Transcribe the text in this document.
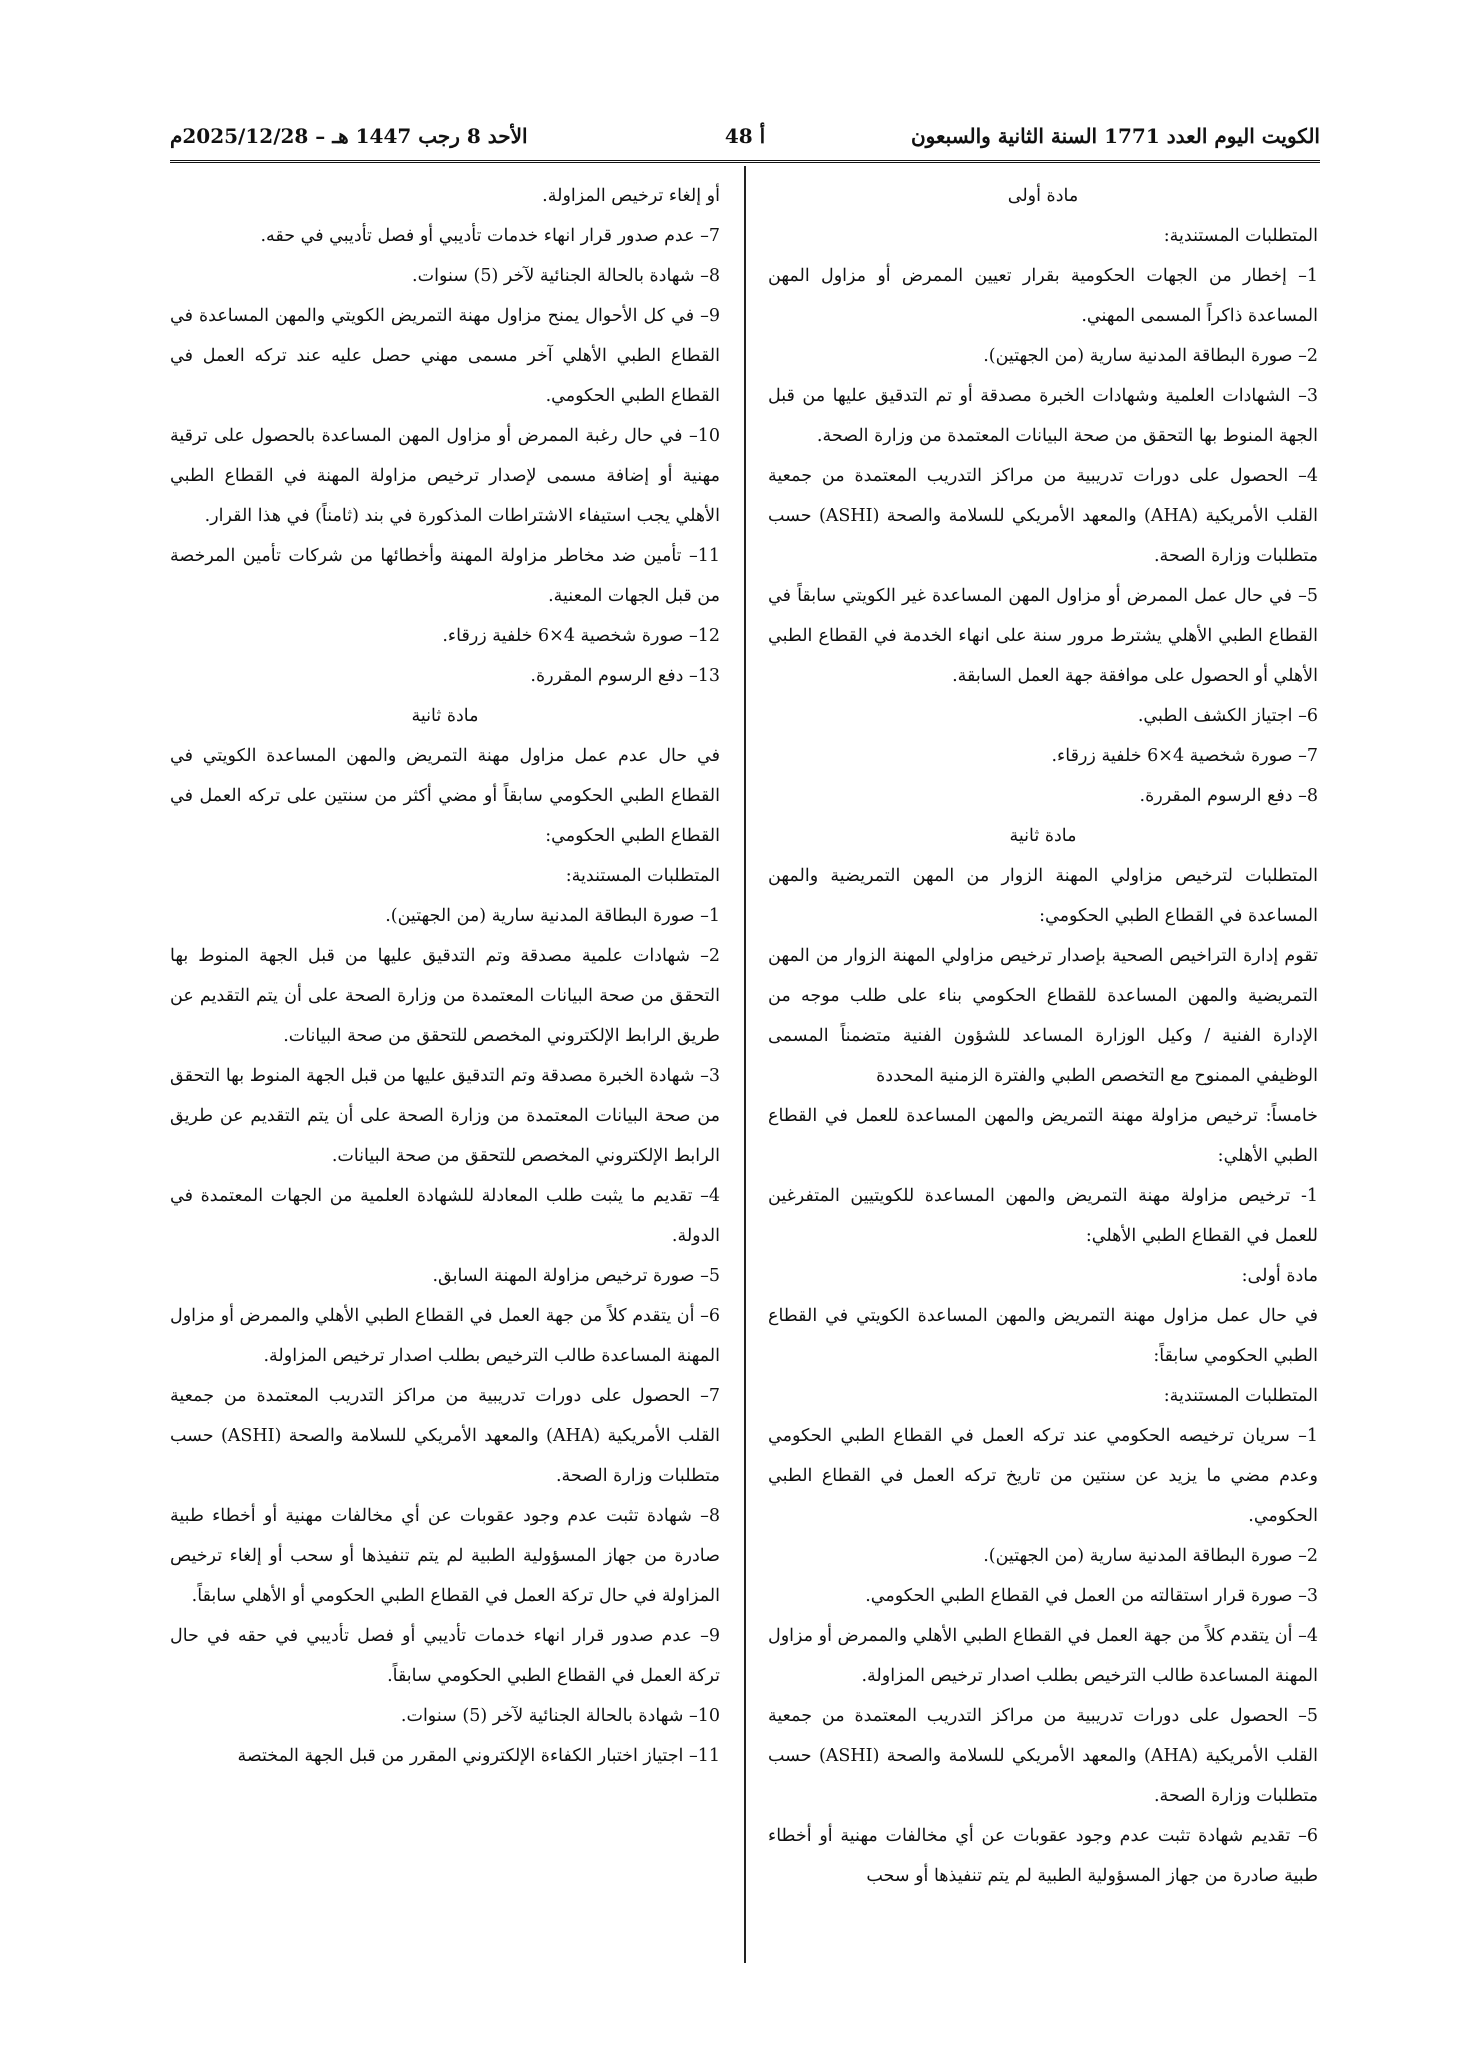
الكويت اليوم العدد 1771 السنة الثانية والسبعون
أ 48
الأحد 8 رجب 1447 هـ – 2025/12/28م

مادة أولى

المتطلبات المستندية:

1– إخطار من الجهات الحكومية بقرار تعيين الممرض أو مزاول المهن المساعدة ذاكراً المسمى المهني.

2– صورة البطاقة المدنية سارية (من الجهتين).

3– الشهادات العلمية وشهادات الخبرة مصدقة أو تم التدقيق عليها من قبل الجهة المنوط بها التحقق من صحة البيانات المعتمدة من وزارة الصحة.

4– الحصول على دورات تدريبية من مراكز التدريب المعتمدة من جمعية القلب الأمريكية (AHA) والمعهد الأمريكي للسلامة والصحة (ASHI) حسب متطلبات وزارة الصحة.

5– في حال عمل الممرض أو مزاول المهن المساعدة غير الكويتي سابقاً في القطاع الطبي الأهلي يشترط مرور سنة على انهاء الخدمة في القطاع الطبي الأهلي أو الحصول على موافقة جهة العمل السابقة.

6– اجتياز الكشف الطبي.

7– صورة شخصية 4×6 خلفية زرقاء.

8– دفع الرسوم المقررة.

مادة ثانية

المتطلبات لترخيص مزاولي المهنة الزوار من المهن التمريضية والمهن المساعدة في القطاع الطبي الحكومي:

تقوم إدارة التراخيص الصحية بإصدار ترخيص مزاولي المهنة الزوار من المهن التمريضية والمهن المساعدة للقطاع الحكومي بناء على طلب موجه من الإدارة الفنية / وكيل الوزارة المساعد للشؤون الفنية متضمناً المسمى الوظيفي الممنوح مع التخصص الطبي والفترة الزمنية المحددة

خامساً: ترخيص مزاولة مهنة التمريض والمهن المساعدة للعمل في القطاع الطبي الأهلي:

1- ترخيص مزاولة مهنة التمريض والمهن المساعدة للكويتيين المتفرغين للعمل في القطاع الطبي الأهلي:

مادة أولى:

في حال عمل مزاول مهنة التمريض والمهن المساعدة الكويتي في القطاع الطبي الحكومي سابقاً:

المتطلبات المستندية:

1– سريان ترخيصه الحكومي عند تركه العمل في القطاع الطبي الحكومي وعدم مضي ما يزيد عن سنتين من تاريخ تركه العمل في القطاع الطبي الحكومي.

2– صورة البطاقة المدنية سارية (من الجهتين).

3– صورة قرار استقالته من العمل في القطاع الطبي الحكومي.

4– أن يتقدم كلاً من جهة العمل في القطاع الطبي الأهلي والممرض أو مزاول المهنة المساعدة طالب الترخيص بطلب اصدار ترخيص المزاولة.

5– الحصول على دورات تدريبية من مراكز التدريب المعتمدة من جمعية القلب الأمريكية (AHA) والمعهد الأمريكي للسلامة والصحة (ASHI) حسب متطلبات وزارة الصحة.

6– تقديم شهادة تثبت عدم وجود عقوبات عن أي مخالفات مهنية أو أخطاء طبية صادرة من جهاز المسؤولية الطبية لم يتم تنفيذها أو سحب

أو إلغاء ترخيص المزاولة.

7– عدم صدور قرار انهاء خدمات تأديبي أو فصل تأديبي في حقه.

8– شهادة بالحالة الجنائية لآخر (5) سنوات.

9– في كل الأحوال يمنح مزاول مهنة التمريض الكويتي والمهن المساعدة في القطاع الطبي الأهلي آخر مسمى مهني حصل عليه عند تركه العمل في القطاع الطبي الحكومي.

10– في حال رغبة الممرض أو مزاول المهن المساعدة بالحصول على ترقية مهنية أو إضافة مسمى لإصدار ترخيص مزاولة المهنة في القطاع الطبي الأهلي يجب استيفاء الاشتراطات المذكورة في بند (ثامناً) في هذا القرار.

11– تأمين ضد مخاطر مزاولة المهنة وأخطائها من شركات تأمين المرخصة من قبل الجهات المعنية.

12– صورة شخصية 4×6 خلفية زرقاء.

13– دفع الرسوم المقررة.

مادة ثانية

في حال عدم عمل مزاول مهنة التمريض والمهن المساعدة الكويتي في القطاع الطبي الحكومي سابقاً أو مضي أكثر من سنتين على تركه العمل في القطاع الطبي الحكومي:

المتطلبات المستندية:

1– صورة البطاقة المدنية سارية (من الجهتين).

2– شهادات علمية مصدقة وتم التدقيق عليها من قبل الجهة المنوط بها التحقق من صحة البيانات المعتمدة من وزارة الصحة على أن يتم التقديم عن طريق الرابط الإلكتروني المخصص للتحقق من صحة البيانات.

3– شهادة الخبرة مصدقة وتم التدقيق عليها من قبل الجهة المنوط بها التحقق من صحة البيانات المعتمدة من وزارة الصحة على أن يتم التقديم عن طريق الرابط الإلكتروني المخصص للتحقق من صحة البيانات.

4– تقديم ما يثبت طلب المعادلة للشهادة العلمية من الجهات المعتمدة في الدولة.

5– صورة ترخيص مزاولة المهنة السابق.

6– أن يتقدم كلاً من جهة العمل في القطاع الطبي الأهلي والممرض أو مزاول المهنة المساعدة طالب الترخيص بطلب اصدار ترخيص المزاولة.

7– الحصول على دورات تدريبية من مراكز التدريب المعتمدة من جمعية القلب الأمريكية (AHA) والمعهد الأمريكي للسلامة والصحة (ASHI) حسب متطلبات وزارة الصحة.

8– شهادة تثبت عدم وجود عقوبات عن أي مخالفات مهنية أو أخطاء طبية صادرة من جهاز المسؤولية الطبية لم يتم تنفيذها أو سحب أو إلغاء ترخيص المزاولة في حال تركة العمل في القطاع الطبي الحكومي أو الأهلي سابقاً.

9– عدم صدور قرار انهاء خدمات تأديبي أو فصل تأديبي في حقه في حال تركة العمل في القطاع الطبي الحكومي سابقاً.

10– شهادة بالحالة الجنائية لآخر (5) سنوات.

11– اجتياز اختبار الكفاءة الإلكتروني المقرر من قبل الجهة المختصة
